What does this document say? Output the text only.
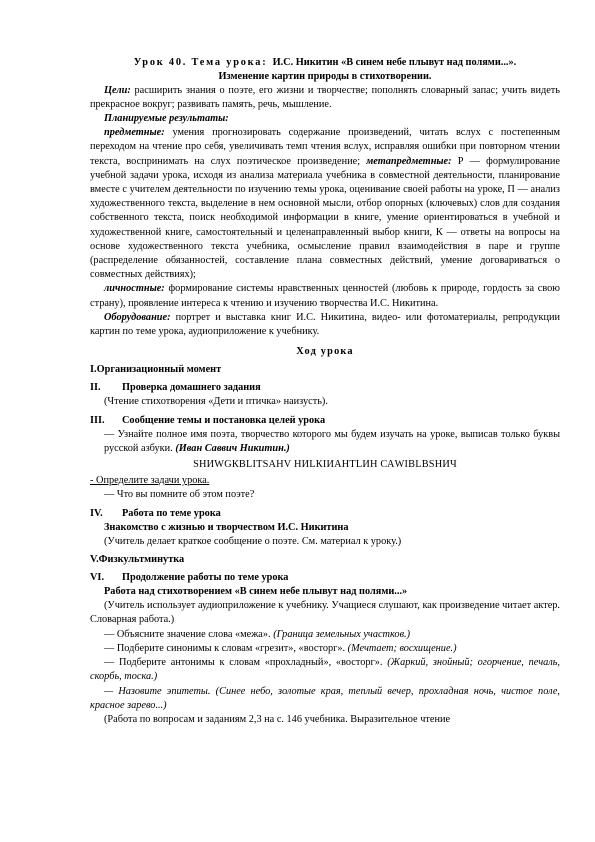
Урок 40. Тема урока: И.С. Никитин «В синем небе плывут над полями...».

Изменение картин природы в стихотворении.

Цели: расширить знания о поэте, его жизни и творчестве; пополнять словарный запас; учить видеть прекрасное вокруг; развивать память, речь, мышление.

Планируемые результаты:

предметные: умения прогнозировать содержание произведений, читать вслух с постепенным переходом на чтение про себя, увеличивать темп чтения вслух, исправляя ошибки при повторном чтении текста, воспринимать на слух поэтическое произведение; метапредметные: Р — формулирование учебной задачи урока, исходя из анализа материала учебника в совместной деятельности, планирование вместе с учителем деятельности по изучению темы урока, оценивание своей работы на уроке, П — анализ художественного текста, выделение в нем основной мысли, отбор опорных (ключевых) слов для создания собственного текста, поиск необходимой информации в книге, умение ориентироваться в учебной и художественной книге, самостоятельный и целенаправленный выбор книги, К — ответы на вопросы на основе художественного текста учебника, осмысление правил взаимодействия в паре и группе (распределение обязанностей, составление плана совместных действий, умение договариваться о совместных действиях);

личностные: формирование системы нравственных ценностей (любовь к природе, гордость за свою страну), проявление интереса к чтению и изучению творчества И.С. Никитина.

Оборудование: портрет и выставка книг И.С. Никитина, видео- или фотоматериалы, репродукции картин по теме урока, аудиоприложение к учебнику.

Ход урока

I.Организационный момент
II.	Проверка домашнего задания

(Чтение стихотворения «Дети и птичка» наизусть).

III.	Сообщение темы и постановка целей урока

— Узнайте полное имя поэта, творчество которого мы будем изучать на уроке, выписав только буквы русской азбуки. (Иван Саввич Никитин.)

SНИWGКВLIТSАНV НИLКIИАНТLИН САWIВLВSНИЧ

- Определите задачи урока.

— Что вы помните об этом поэте?

IV.	Работа по теме урока

Знакомство с жизнью и творчеством И.С. Никитина

(Учитель делает краткое сообщение о поэте. См. материал к уроку.)

V.Физкультминутка
VI.	Продолжение работы по теме урока

Работа над стихотворением «В синем небе плывут над полями...»

(Учитель использует аудиоприложение к учебнику. Учащиеся слушают, как произведение читает актер. Словарная работа.)

— Объясните значение слова «межа». (Граница земельных участков.)

— Подберите синонимы к словам «грезит», «восторг». (Мечтает; восхищение.)

— Подберите антонимы к словам «прохладный», «восторг». (Жаркий, знойный; огорчение, печаль, скорбь, тоска.)

— Назовите эпитеты. (Синее небо, золотые края, теплый вечер, прохладная ночь, чистое поле, красное зарево...)

(Работа по вопросам и заданиям 2,3 на с. 146 учебника. Выразительное чтение
